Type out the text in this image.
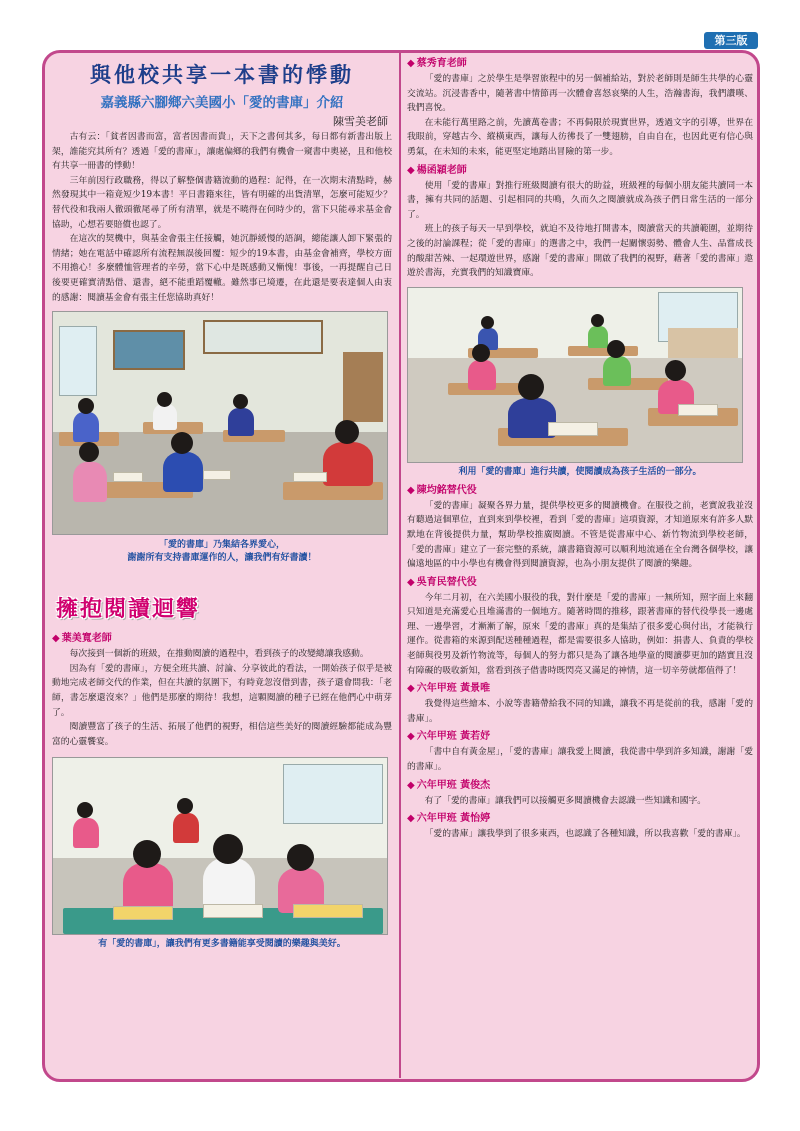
第三版
與他校共享一本書的悸動
嘉義縣六腳鄉六美國小「愛的書庫」介紹
陳雪美老師

古有云：「貧者因書而富，富者因書而貴」，天下之書何其多，每日都有新書出版上架，誰能究其所有？透過「愛的書庫」，讓處偏鄉的我們有機會一窺書中奧祕，且和他校有共享一冊書的悸動！

三年前因行政職務，得以了解整個書籍流動的過程：記得，在一次期末清點時，赫然發現其中一箱竟短少19本書！平日書籍來往，皆有明確的出貨清單，怎麼可能短少？替代役和我兩人徹頭徹尾尋了所有清單，就是不曉得在何時少的，當下只能尋求基金會協助，心想若要賠償也認了。

在這次的契機中，與基金會張主任接觸，她沉靜緩慢的語調，總能讓人卸下緊張的情緒；她在電話中確認所有流程無誤後回覆：短少的19本書，由基金會補齊，學校方面不用擔心！多麼體恤管理者的辛勞，當下心中是既感動又慚愧！事後，一再提醒自己日後要更確實清點借、還書，絕不能重蹈覆轍。雖然事已境遷，在此還是要表達個人由衷的感謝：閱讀基金會有張主任您協助真好！

「愛的書庫」乃集結各界愛心，
謝謝所有支持書庫運作的人，讓我們有好書讀！
擁抱閱讀迴響
◆ 葉美寬老師

每次接到一個新的班級，在推動閱讀的過程中，看到孩子的改變總讓我感動。

因為有「愛的書庫」，方便全班共讀、討論、分享彼此的看法，一開始孩子似乎是被動地完成老師交代的作業，但在共讀的氛圍下，有時竟忽沒借到書，孩子還會問我：「老師，書怎麼還沒來？」他們是那麼的期待！我想，這顆閱讀的種子已經在他們心中萌芽了。

閱讀豐富了孩子的生活、拓展了他們的視野，相信這些美好的閱讀經驗都能成為豐富的心靈饗宴。

有「愛的書庫」，讓我們有更多書籍能享受閱讀的樂趣與美好。
◆ 蔡秀育老師

「愛的書庫」之於學生是學習旅程中的另一個補給站，對於老師則是師生共學的心靈交流站。沉浸書香中，隨著書中情節再一次體會喜怒哀樂的人生，浩瀚書海，我們讚嘆、我們喜悅。

在未能行萬里路之前，先讀萬卷書；不再侷限於現實世界，透過文字的引導，世界在我眼前，穿越古今、縱橫東西，讓每人彷彿長了一雙翅膀，自由自在，也因此更有信心與勇氣，在未知的未來，能更堅定地踏出冒險的第一步。

◆ 楊函穎老師

使用「愛的書庫」對推行班級閱讀有很大的助益，班級裡的每個小朋友能共讀同一本書，擁有共同的話題、引起相同的共鳴，久而久之閱讀就成為孩子們日常生活的一部分了。

班上的孩子每天一早到學校，就迫不及待地打開書本，閱讀當天的共讀範圍，並期待之後的討論課程；從「愛的書庫」的選書之中，我們一起關懷弱勢、體會人生、品嘗成長的酸甜苦辣、一起環遊世界，感謝「愛的書庫」開啟了我們的視野，藉著「愛的書庫」遨遊於書海，充實我們的知識寶庫。

利用「愛的書庫」進行共讀，使閱讀成為孩子生活的一部分。
◆ 陳均銘替代役

「愛的書庫」凝聚各界力量，提供學校更多的閱讀機會。在服役之前，老實說我並沒有聽過這個單位，直到來到學校裡，看到「愛的書庫」這項資源，才知道原來有許多人默默地在背後提供力量，幫助學校推廣閱讀。不管是從書庫中心、新竹物流到學校老師，「愛的書庫」建立了一套完整的系統，讓書籍資源可以順利地流通在全台灣各個學校，讓偏遠地區的中小學也有機會得到閱讀資源，也為小朋友提供了閱讀的樂趣。

◆ 吳育民替代役

今年二月初，在六美國小服役的我，對什麼是「愛的書庫」一無所知，照字面上來翻只知道是充滿愛心且堆滿書的一個地方。隨著時間的推移，跟著書庫的替代役學長一邊處理、一邊學習，才漸漸了解，原來「愛的書庫」真的是集結了很多愛心與付出，才能執行運作。從書箱的來源到配送種種過程，都是需要很多人協助，例如：捐書人、負責的學校老師與役男及新竹物流等，每個人的努力都只是為了讓各地學童的閱讀夢更加的踏實且沒有障礙的吸收新知，當看到孩子借書時既閃亮又滿足的神情，這一切辛勞就都值得了！

◆ 六年甲班 黃景唯

我覺得這些繪本、小說等書籍帶給我不同的知識，讓我不再是從前的我，感謝「愛的書庫」。

◆ 六年甲班 黃若妤

「書中自有黃金屋」，「愛的書庫」讓我愛上閱讀，我從書中學到許多知識，謝謝「愛的書庫」。

◆ 六年甲班 黃俊杰

有了「愛的書庫」讓我們可以接觸更多閱讀機會去認識一些知識和國字。

◆ 六年甲班 黃怡婷

「愛的書庫」讓我學到了很多東西，也認識了各種知識，所以我喜歡「愛的書庫」。
